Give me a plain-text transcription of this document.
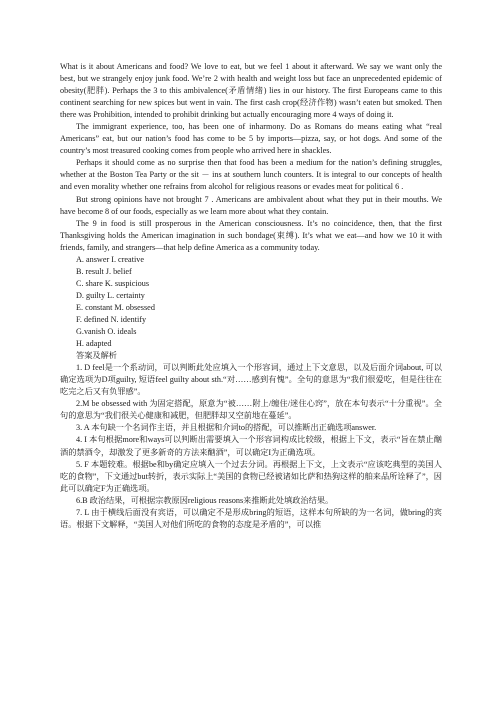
What is it about Americans and food? We love to eat, but we feel 1 about it afterward. We say we want only the best, but we strangely enjoy junk food. We’re 2 with health and weight loss but face an unprecedented epidemic of obesity(肥胖). Perhaps the 3 to this ambivalence(矛盾情绪) lies in our history. The first Europeans came to this continent searching for new spices but went in vain. The first cash crop(经济作物) wasn’t eaten but smoked. Then there was Prohibition, intended to prohibit drinking but actually encouraging more 4 ways of doing it.

The immigrant experience, too, has been one of inharmony. Do as Romans do means eating what “real Americans” eat, but our nation’s food has come to be 5 by imports—pizza, say, or hot dogs. And some of the country’s most treasured cooking comes from people who arrived here in shackles.

Perhaps it should come as no surprise then that food has been a medium for the nation’s defining struggles, whether at the Boston Tea Party or the sit － ins at southern lunch counters. It is integral to our concepts of health and even morality whether one refrains from alcohol for religious reasons or evades meat for political 6 .

But strong opinions have not brought 7 . Americans are ambivalent about what they put in their mouths. We have become 8 of our foods, especially as we learn more about what they contain.

The 9 in food is still prosperous in the American consciousness. It’s no coincidence, then, that the first Thanksgiving holds the American imagination in such bondage(束缚). It’s what we eat—and how we 10 it with friends, family, and strangers—that help define America as a community today.

A. answer I. creative

B. result J. belief

C. share K. suspicious

D. guilty L. certainty

E. constant M. obsessed

F. defined N. identify

G.vanish O. ideals

H. adapted

答案及解析

1. D feel是一个系动词，可以判断此处应填入一个形容词，通过上下文意思，以及后面介词about, 可以确定选项为D项guilty, 短语feel guilty about sth.“对……感到有愧”。全句的意思为“我们很爱吃，但是往往在吃完之后又有负罪感”。

2.M be obsessed with 为固定搭配，原意为“被……附上/缠住/迷住心窍”，放在本句表示“十分重视”。全句的意思为“我们很关心健康和减肥，但肥胖却又空前地在蔓延”。

3. A 本句缺一个名词作主语，并且根据和介词to的搭配，可以推断出正确选项answer.

4. I 本句根据more和ways可以判断出需要填入一个形容词构成比较级，根据上下文，表示“旨在禁止酗酒的禁酒令，却激发了更多新奇的方法来酗酒”，可以确定I为正确选项。

5. F 本题较难。根据be和by确定应填入一个过去分词。再根据上下文，上文表示“应该吃典型的美国人吃的食物”，下文通过but转折，表示实际上“美国的食物已经被诸如比萨和热狗这样的舶来品所诠释了”，因此可以确定F为正确选项。

6.B 政治结果，可根据宗教原因religious reasons来推断此处填政治结果。

7. L 由于横线后面没有宾语，可以确定不是形成bring的短语，这样本句所缺的为一名词，做bring的宾语。根据下文解释，“美国人对他们所吃的食物的态度是矛盾的”，可以推
